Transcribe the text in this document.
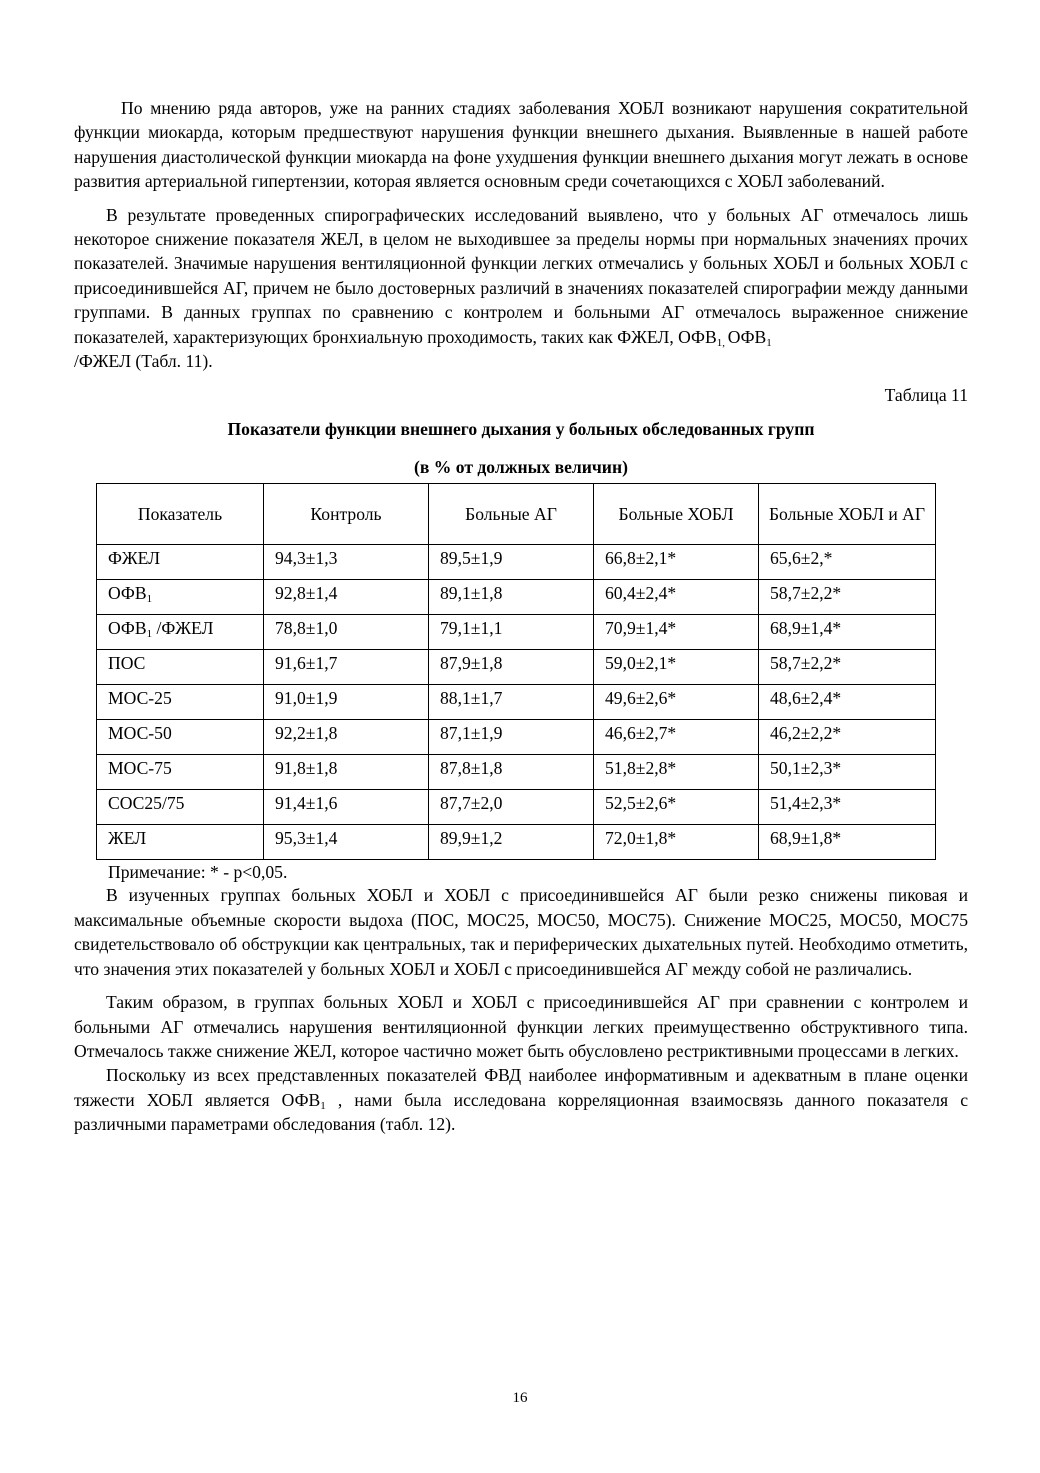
По мнению ряда авторов, уже на ранних стадиях заболевания ХОБЛ возникают нарушения сократительной функции миокарда, которым предшествуют нарушения функции внешнего дыхания. Выявленные в нашей работе нарушения диастолической функции миокарда на фоне ухудшения функции внешнего дыхания могут лежать в основе развития артериальной гипертензии, которая является основным среди сочетающихся с ХОБЛ заболеваний.

В результате проведенных спирографических исследований выявлено, что у больных АГ отмечалось лишь некоторое снижение показателя ЖЕЛ, в целом не выходившее за пределы нормы при нормальных значениях прочих показателей. Значимые нарушения вентиляционной функции легких отмечались у больных ХОБЛ и больных ХОБЛ с присоединившейся АГ, причем не было достоверных различий в значениях показателей спирографии между данными группами. В данных группах по сравнению с контролем и больными АГ отмечалось выраженное снижение показателей, характеризующих бронхиальную проходимость, таких как ФЖЕЛ, $ОФВ_{1,}$ $ОФВ_1$
/ФЖЕЛ (Табл. 11).

Таблица 11
Показатели функции внешнего дыхания у больных обследованных групп
(в % от должных величин)
Показатель	Контроль	Больные АГ	Больные ХОБЛ	Больные ХОБЛ и АГ
ФЖЕЛ	94,3±1,3	89,5±1,9	66,8±2,1*	65,6±2,*
$ОФВ_1$	92,8±1,4	89,1±1,8	60,4±2,4*	58,7±2,2*
$ОФВ_1$ /ФЖЕЛ	78,8±1,0	79,1±1,1	70,9±1,4*	68,9±1,4*
ПОС	91,6±1,7	87,9±1,8	59,0±2,1*	58,7±2,2*
МОС-25	91,0±1,9	88,1±1,7	49,6±2,6*	48,6±2,4*
МОС-50	92,2±1,8	87,1±1,9	46,6±2,7*	46,2±2,2*
МОС-75	91,8±1,8	87,8±1,8	51,8±2,8*	50,1±2,3*
СОС25/75	91,4±1,6	87,7±2,0	52,5±2,6*	51,4±2,3*
ЖЕЛ	95,3±1,4	89,9±1,2	72,0±1,8*	68,9±1,8*
Примечание: * - р<0,05.

В изученных группах больных ХОБЛ и ХОБЛ с присоединившейся АГ были резко снижены пиковая и максимальные объемные скорости выдоха (ПОС, МОС25, МОС50, МОС75). Снижение МОС25, МОС50, МОС75 свидетельствовало об обструкции как центральных, так и периферических дыхательных путей. Необходимо отметить, что значения этих показателей у больных ХОБЛ и ХОБЛ с присоединившейся АГ между собой не различались.

Таким образом, в группах больных ХОБЛ и ХОБЛ с присоединившейся АГ при сравнении с контролем и больными АГ отмечались нарушения вентиляционной функции легких преимущественно обструктивного типа. Отмечалось также снижение ЖЕЛ, которое частично может быть обусловлено рестриктивными процессами в легких.

Поскольку из всех представленных показателей ФВД наиболее информативным и адекватным в плане оценки тяжести ХОБЛ является $ОФВ_1$ , нами была исследована корреляционная взаимосвязь данного показателя с различными параметрами обследования (табл. 12).

16
